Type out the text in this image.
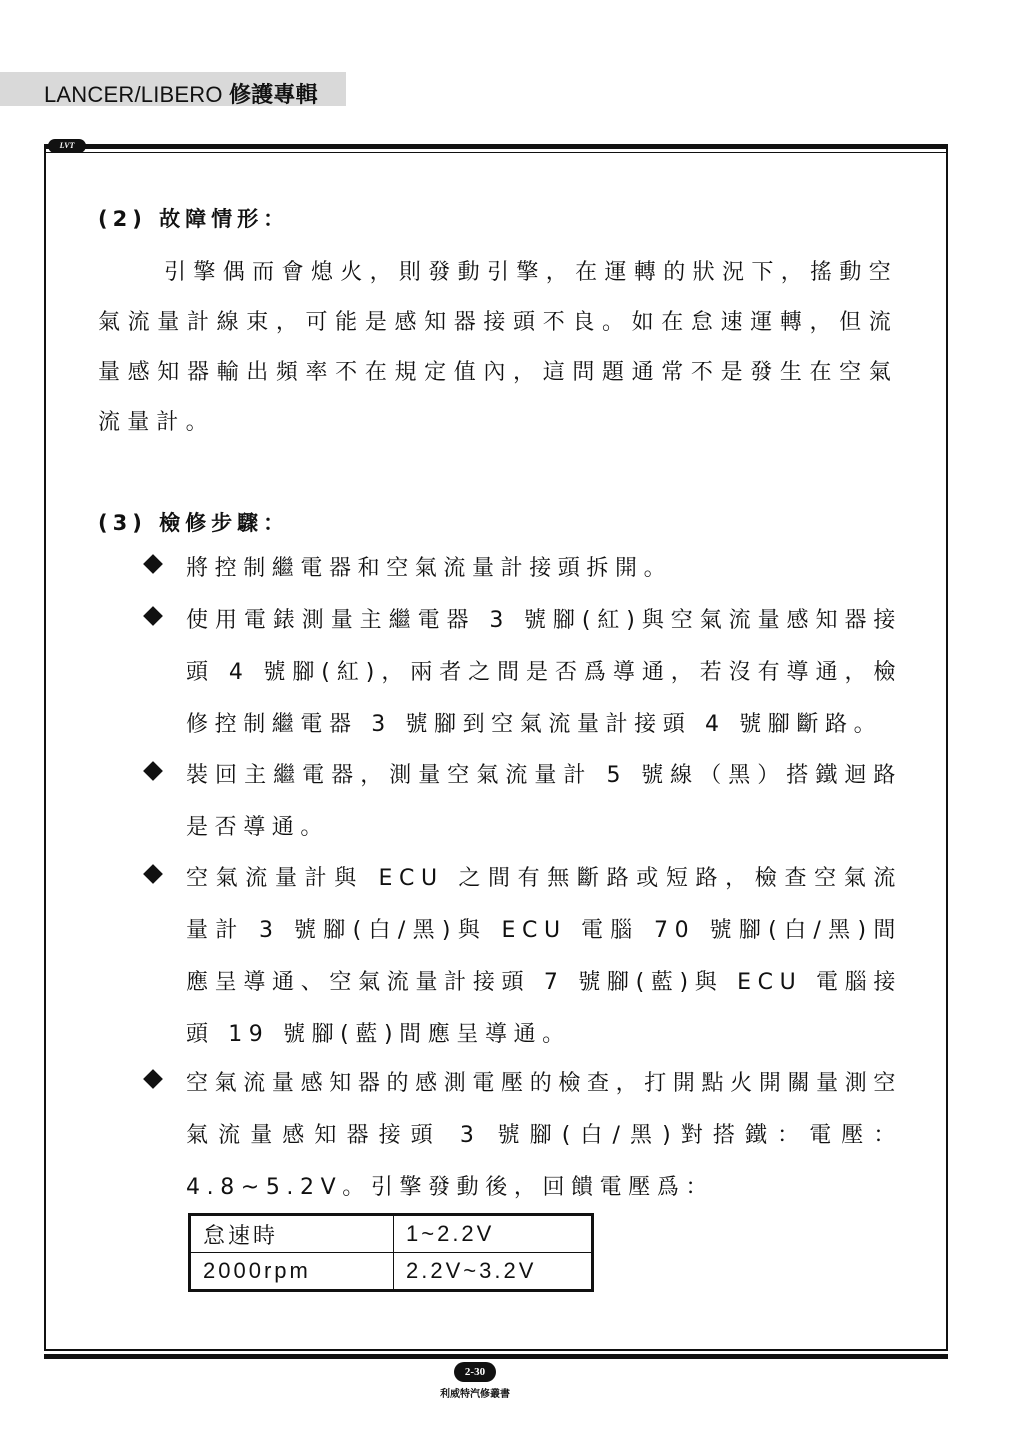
LANCER/LIBERO 修護專輯
LVT
(2) 故障情形：
引擎偶而會熄火，則發動引擎，在運轉的狀況下，搖動空氣流量計線束，可能是感知器接頭不良。如在怠速運轉，但流量感知器輸出頻率不在規定值內，這問題通常不是發生在空氣流量計。
(3) 檢修步驟：
將控制繼電器和空氣流量計接頭拆開。
使用電錶測量主繼電器 3 號腳(紅)與空氣流量感知器接頭 4 號腳(紅)，兩者之間是否爲導通，若沒有導通，檢修控制繼電器 3 號腳到空氣流量計接頭 4 號腳斷路。
裝回主繼電器，測量空氣流量計 5 號線（黑）搭鐵迴路是否導通。
空氣流量計與 ECU 之間有無斷路或短路，檢查空氣流量計 3 號腳(白/黑)與 ECU 電腦 70 號腳(白/黑)間應呈導通、空氣流量計接頭 7 號腳(藍)與 ECU 電腦接頭 19 號腳(藍)間應呈導通。
空氣流量感知器的感測電壓的檢查，打開點火開關量測空氣流量感知器接頭 3 號腳(白/黑)對搭鐵：電壓：4.8~5.2V。引擎發動後，回饋電壓爲：
怠速時	1~2.2V
2000rpm	2.2V~3.2V
2-30
利威特汽修叢書
